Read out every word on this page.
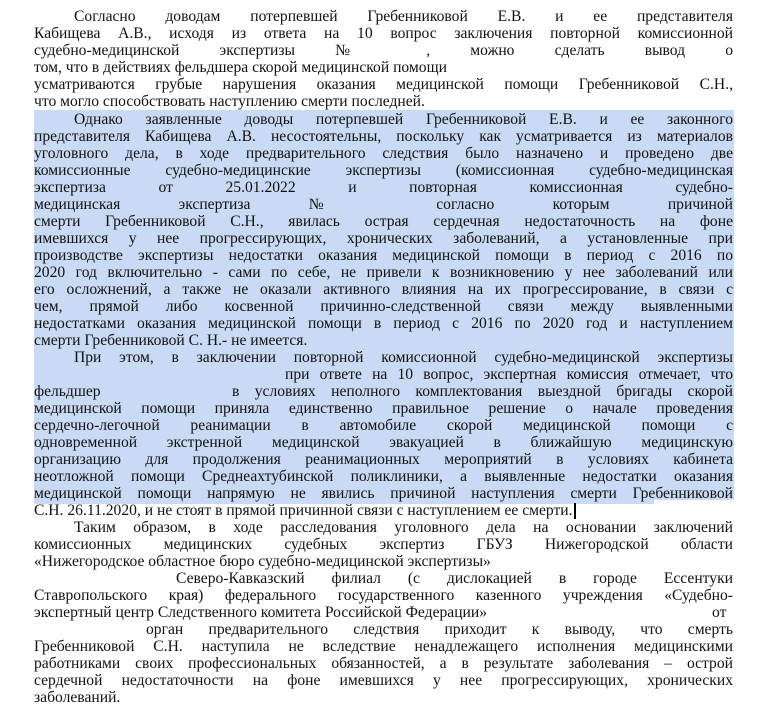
Согласно доводам потерпевшей Гребенниковой Е.В. и ее представителя
Кабищева А.В., исходя из ответа на 10 вопрос заключения повторной комиссионной
судебно-медицинской экспертизы № , можно сделать вывод о
том, что в действиях фельдшера скорой медицинской помощи
усматриваются грубые нарушения оказания медицинской помощи Гребенниковой С.Н.,
что могло способствовать наступлению смерти последней.
Однако заявленные доводы потерпевшей Гребенниковой Е.В. и ее законного
представителя Кабищева А.В. несостоятельны, поскольку как усматривается из материалов
уголовного дела, в ходе предварительного следствия было назначено и проведено две
комиссионные судебно-медицинские экспертизы (комиссионная судебно-медицинская
экспертиза от 25.01.2022 и повторная комиссионная судебно-
медицинская экспертиза № согласно которым причиной
смерти Гребенниковой С.Н., явилась острая сердечная недостаточность на фоне
имевшихся у нее прогрессирующих, хронических заболеваний, а установленные при
производстве экспертизы недостатки оказания медицинской помощи в период с 2016 по
2020 год включительно - сами по себе, не привели к возникновению у нее заболеваний или
его осложнений, а также не оказали активного влияния на их прогрессирование, в связи с
чем, прямой либо косвенной причинно-следственной связи между выявленными
недостатками оказания медицинской помощи в период с 2016 по 2020 год и наступлением
смерти Гребенниковой С. Н.- не имеется.
При этом, в заключении повторной комиссионной судебно-медицинской экспертизы
при ответе на 10 вопрос, экспертная комиссия отмечает, что
фельдшер	в условиях неполного комплектования выездной бригады скорой
медицинской помощи приняла единственно правильное решение о начале проведения
сердечно-легочной реанимации в автомобиле скорой медицинской помощи с
одновременной экстренной медицинской эвакуацией в ближайшую медицинскую
организацию для продолжения реанимационных мероприятий в условиях кабинета
неотложной помощи Среднеахтубинской поликлиники, а выявленные недостатки оказания
медицинской помощи напрямую не явились причиной наступления смерти Гребенниковой
С.Н. 26.11.2020, и не стоят в прямой причинной связи с наступлением ее смерти.
Таким образом, в ходе расследования уголовного дела на основании заключений
комиссионных медицинских судебных экспертиз ГБУЗ Нижегородской области
«Нижегородское областное бюро судебно-медицинской экспертизы»
Северо-Кавказский филиал (с дислокацией в городе Ессентуки
Ставропольского края) федерального государственного казенного учреждения «Судебно-
экспертный центр Следственного комитета Российской Федерации»	от
орган предварительного следствия приходит к выводу, что смерть
Гребенниковой С.Н. наступила не вследствие ненадлежащего исполнения медицинскими
работниками своих профессиональных обязанностей, а в результате заболевания – острой
сердечной недостаточности на фоне имевшихся у нее прогрессирующих, хронических
заболеваний.
